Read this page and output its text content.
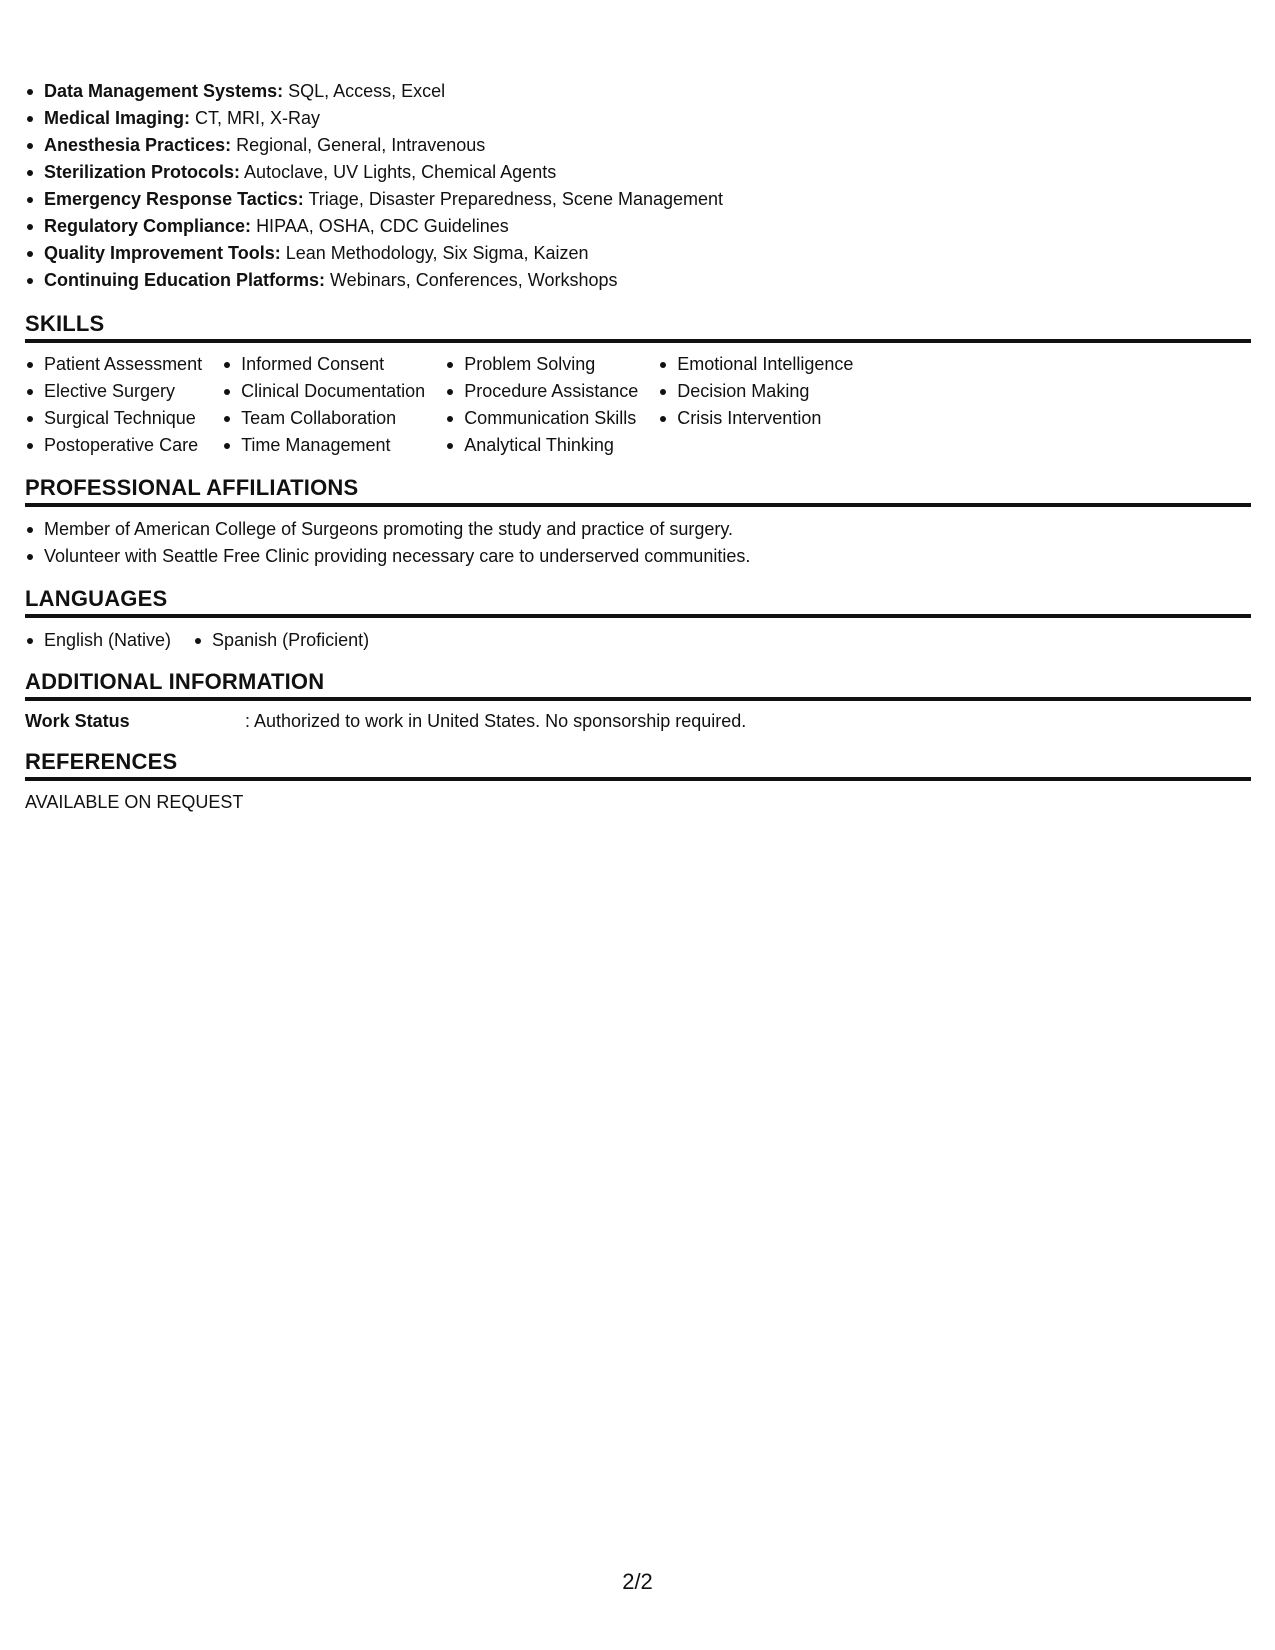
Data Management Systems: SQL, Access, Excel
Medical Imaging: CT, MRI, X-Ray
Anesthesia Practices: Regional, General, Intravenous
Sterilization Protocols: Autoclave, UV Lights, Chemical Agents
Emergency Response Tactics: Triage, Disaster Preparedness, Scene Management
Regulatory Compliance: HIPAA, OSHA, CDC Guidelines
Quality Improvement Tools: Lean Methodology, Six Sigma, Kaizen
Continuing Education Platforms: Webinars, Conferences, Workshops
SKILLS
Patient Assessment
Elective Surgery
Surgical Technique
Postoperative Care
Informed Consent
Clinical Documentation
Team Collaboration
Time Management
Problem Solving
Procedure Assistance
Communication Skills
Analytical Thinking
Emotional Intelligence
Decision Making
Crisis Intervention
PROFESSIONAL AFFILIATIONS
Member of American College of Surgeons promoting the study and practice of surgery.
Volunteer with Seattle Free Clinic providing necessary care to underserved communities.
LANGUAGES
English (Native)	Spanish (Proficient)
ADDITIONAL INFORMATION
Work Status	: Authorized to work in United States. No sponsorship required.
REFERENCES
AVAILABLE ON REQUEST
2/2
